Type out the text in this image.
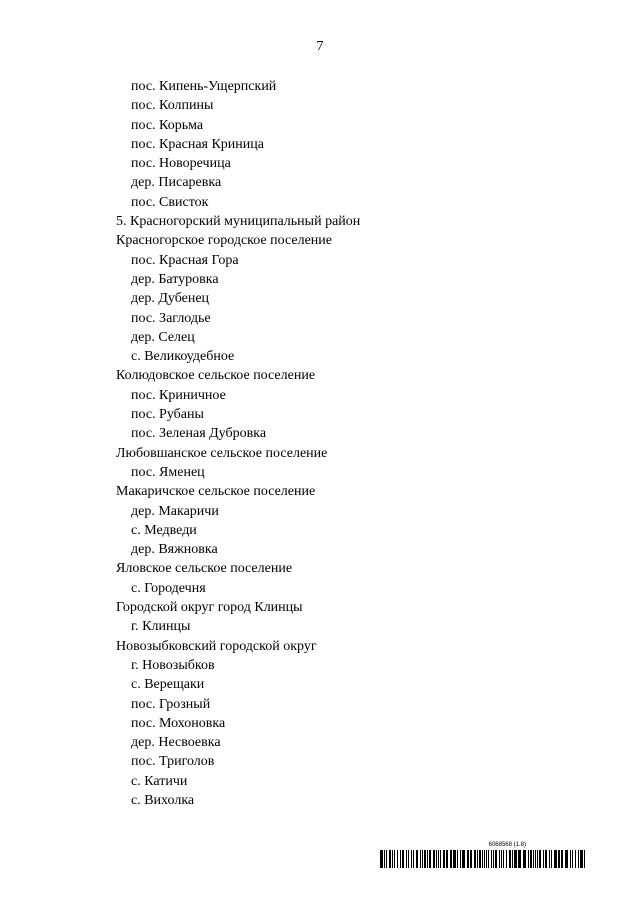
7
пос. Кипень-Ущерпский
пос. Колпины
пос. Корьма
пос. Красная Криница
пос. Новоречица
дер. Писаревка
пос. Свисток
5. Красногорский муниципальный район
Красногорское городское поселение
пос. Красная Гора
дер. Батуровка
дер. Дубенец
пос. Заглодье
дер. Селец
с. Великоудебное
Колюдовское сельское поселение
пос. Криничное
пос. Рубаны
пос. Зеленая Дубровка
Любовшанское сельское поселение
пос. Яменец
Макаричское сельское поселение
дер. Макаричи
с. Медведи
дер. Вяжновка
Яловское сельское поселение
с. Городечня
Городской округ город Клинцы
г. Клинцы
Новозыбковский городской округ
г. Новозыбков
с. Верещаки
пос. Грозный
пос. Мохоновка
дер. Несвоевка
пос. Триголов
с. Катичи
с. Вихолка
6068568 (1.8)
